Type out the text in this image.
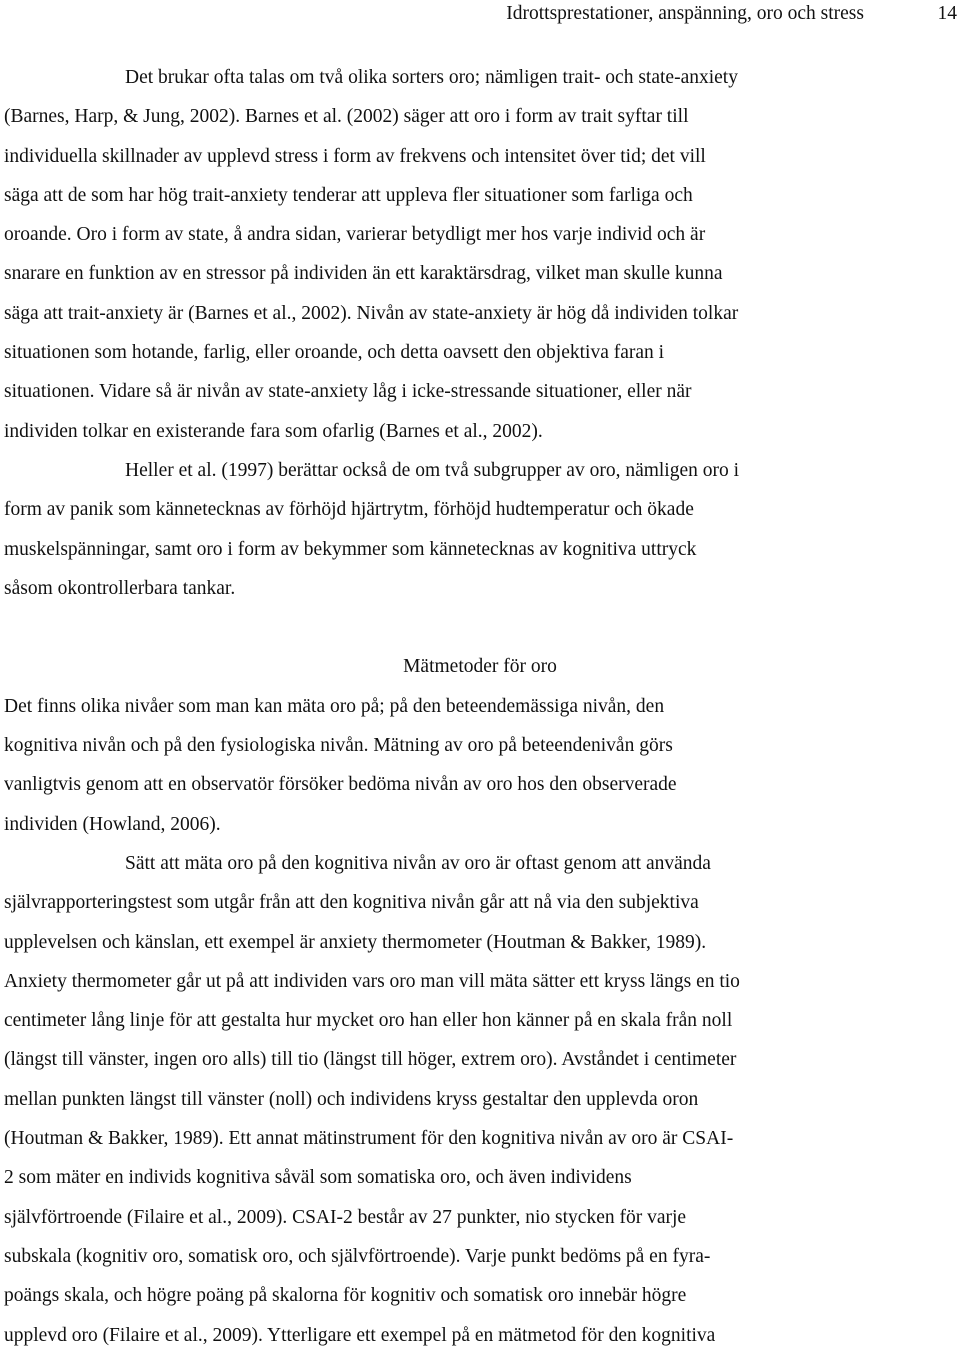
Idrottsprestationer, anspänning, oro och stress	14
Det brukar ofta talas om två olika sorters oro; nämligen trait- och state-anxiety
(Barnes, Harp, & Jung, 2002). Barnes et al. (2002) säger att oro i form av trait syftar till
individuella skillnader av upplevd stress i form av frekvens och intensitet över tid; det vill
säga att de som har hög trait-anxiety tenderar att uppleva fler situationer som farliga och
oroande. Oro i form av state, å andra sidan, varierar betydligt mer hos varje individ och är
snarare en funktion av en stressor på individen än ett karaktärsdrag, vilket man skulle kunna
säga att trait-anxiety är (Barnes et al., 2002). Nivån av state-anxiety är hög då individen tolkar
situationen som hotande, farlig, eller oroande, och detta oavsett den objektiva faran i
situationen. Vidare så är nivån av state-anxiety låg i icke-stressande situationer, eller när
individen tolkar en existerande fara som ofarlig (Barnes et al., 2002).
Heller et al. (1997) berättar också de om två subgrupper av oro, nämligen oro i
form av panik som kännetecknas av förhöjd hjärtrytm, förhöjd hudtemperatur och ökade
muskelspänningar, samt oro i form av bekymmer som kännetecknas av kognitiva uttryck
såsom okontrollerbara tankar.
Mätmetoder för oro
Det finns olika nivåer som man kan mäta oro på; på den beteendemässiga nivån, den
kognitiva nivån och på den fysiologiska nivån. Mätning av oro på beteendenivån görs
vanligtvis genom att en observatör försöker bedöma nivån av oro hos den observerade
individen (Howland, 2006).
Sätt att mäta oro på den kognitiva nivån av oro är oftast genom att använda
självrapporteringstest som utgår från att den kognitiva nivån går att nå via den subjektiva
upplevelsen och känslan, ett exempel är anxiety thermometer (Houtman & Bakker, 1989).
Anxiety thermometer går ut på att individen vars oro man vill mäta sätter ett kryss längs en tio
centimeter lång linje för att gestalta hur mycket oro han eller hon känner på en skala från noll
(längst till vänster, ingen oro alls) till tio (längst till höger, extrem oro). Avståndet i centimeter
mellan punkten längst till vänster (noll) och individens kryss gestaltar den upplevda oron
(Houtman & Bakker, 1989). Ett annat mätinstrument för den kognitiva nivån av oro är CSAI-
2 som mäter en individs kognitiva såväl som somatiska oro, och även individens
självförtroende (Filaire et al., 2009). CSAI-2 består av 27 punkter, nio stycken för varje
subskala (kognitiv oro, somatisk oro, och självförtroende). Varje punkt bedöms på en fyra-
poängs skala, och högre poäng på skalorna för kognitiv och somatisk oro innebär högre
upplevd oro (Filaire et al., 2009). Ytterligare ett exempel på en mätmetod för den kognitiva
